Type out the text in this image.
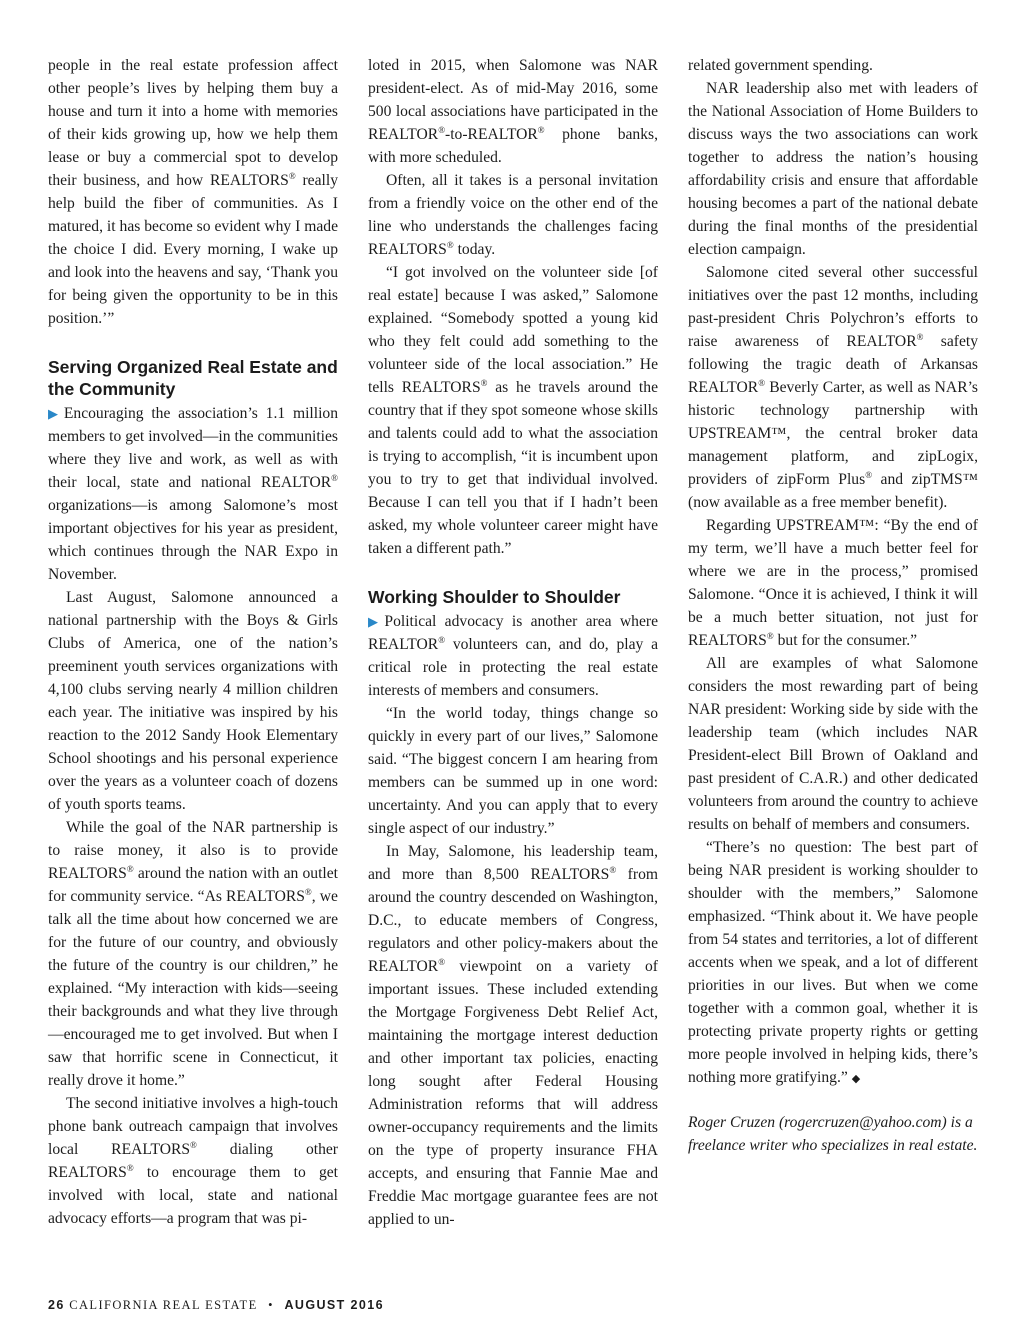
people in the real estate profession affect other people’s lives by helping them buy a house and turn it into a home with memories of their kids growing up, how we help them lease or buy a commercial spot to develop their business, and how REALTORS® really help build the fiber of communities. As I matured, it has become so evident why I made the choice I did. Every morning, I wake up and look into the heavens and say, ‘Thank you for being given the opportunity to be in this position.’”

Serving Organized Real Estate and the Community

▶ Encouraging the association’s 1.1 million members to get involved—in the communities where they live and work, as well as with their local, state and national REALTOR® organizations—is among Salomone’s most important objectives for his year as president, which continues through the NAR Expo in November.

Last August, Salomone announced a national partnership with the Boys & Girls Clubs of America, one of the nation’s preeminent youth services organizations with 4,100 clubs serving nearly 4 million children each year. The initiative was inspired by his reaction to the 2012 Sandy Hook Elementary School shootings and his personal experience over the years as a volunteer coach of dozens of youth sports teams.

While the goal of the NAR partnership is to raise money, it also is to provide REALTORS® around the nation with an outlet for community service. “As REALTORS®, we talk all the time about how concerned we are for the future of our country, and obviously the future of the country is our children,” he explained. “My interaction with kids—seeing their backgrounds and what they live through—encouraged me to get involved. But when I saw that horrific scene in Connecticut, it really drove it home.”

The second initiative involves a high-touch phone bank outreach campaign that involves local REALTORS® dialing other REALTORS® to encourage them to get involved with local, state and national advocacy efforts—a program that was pi-

loted in 2015, when Salomone was NAR president-elect. As of mid-May 2016, some 500 local associations have participated in the REALTOR®-to-REALTOR® phone banks, with more scheduled.

Often, all it takes is a personal invitation from a friendly voice on the other end of the line who understands the challenges facing REALTORS® today.

“I got involved on the volunteer side [of real estate] because I was asked,” Salomone explained. “Somebody spotted a young kid who they felt could add something to the volunteer side of the local association.” He tells REALTORS® as he travels around the country that if they spot someone whose skills and talents could add to what the association is trying to accomplish, “it is incumbent upon you to try to get that individual involved. Because I can tell you that if I hadn’t been asked, my whole volunteer career might have taken a different path.”

Working Shoulder to Shoulder

▶ Political advocacy is another area where REALTOR® volunteers can, and do, play a critical role in protecting the real estate interests of members and consumers.

“In the world today, things change so quickly in every part of our lives,” Salomone said. “The biggest concern I am hearing from members can be summed up in one word: uncertainty. And you can apply that to every single aspect of our industry.”

In May, Salomone, his leadership team, and more than 8,500 REALTORS® from around the country descended on Washington, D.C., to educate members of Congress, regulators and other policy-makers about the REALTOR® viewpoint on a variety of important issues. These included extending the Mortgage Forgiveness Debt Relief Act, maintaining the mortgage interest deduction and other important tax policies, enacting long sought after Federal Housing Administration reforms that will address owner-occupancy requirements and the limits on the type of property insurance FHA accepts, and ensuring that Fannie Mae and Freddie Mac mortgage guarantee fees are not applied to un-

related government spending.

NAR leadership also met with leaders of the National Association of Home Builders to discuss ways the two associations can work together to address the nation’s housing affordability crisis and ensure that affordable housing becomes a part of the national debate during the final months of the presidential election campaign.

Salomone cited several other successful initiatives over the past 12 months, including past-president Chris Polychron’s efforts to raise awareness of REALTOR® safety following the tragic death of Arkansas REALTOR® Beverly Carter, as well as NAR’s historic technology partnership with UPSTREAM™, the central broker data management platform, and zipLogix, providers of zipForm Plus® and zipTMS™ (now available as a free member benefit).

Regarding UPSTREAM™: “By the end of my term, we’ll have a much better feel for where we are in the process,” promised Salomone. “Once it is achieved, I think it will be a much better situation, not just for REALTORS® but for the consumer.”

All are examples of what Salomone considers the most rewarding part of being NAR president: Working side by side with the leadership team (which includes NAR President-elect Bill Brown of Oakland and past president of C.A.R.) and other dedicated volunteers from around the country to achieve results on behalf of members and consumers.

“There’s no question: The best part of being NAR president is working shoulder to shoulder with the members,” Salomone emphasized. “Think about it. We have people from 54 states and territories, a lot of different accents when we speak, and a lot of different priorities in our lives. But when we come together with a common goal, whether it is protecting private property rights or getting more people involved in helping kids, there’s nothing more gratifying.” ◆

Roger Cruzen (rogercruzen@yahoo.com) is a freelance writer who specializes in real estate.

26 CALIFORNIA REAL ESTATE • AUGUST 2016
